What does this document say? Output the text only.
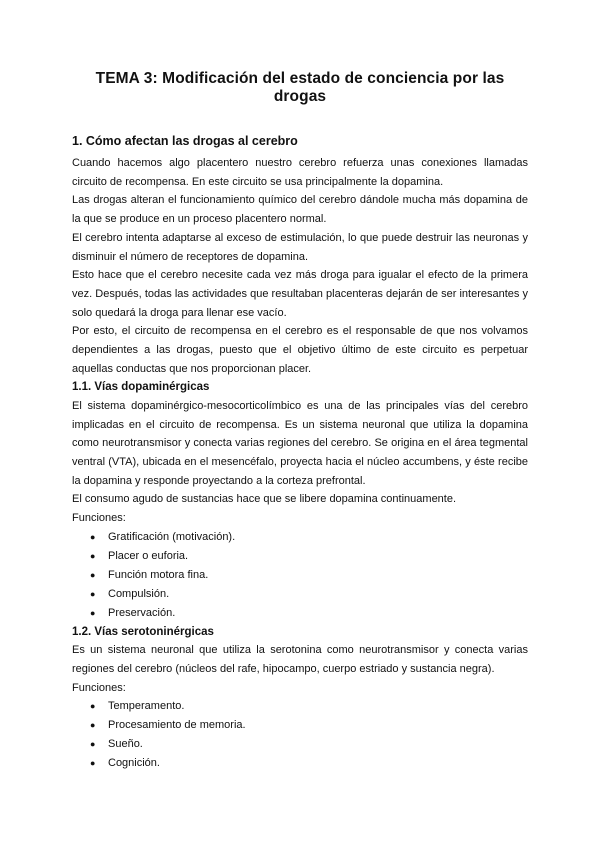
TEMA 3: Modificación del estado de conciencia por las drogas
1. Cómo afectan las drogas al cerebro

Cuando hacemos algo placentero nuestro cerebro refuerza unas conexiones llamadas circuito de recompensa. En este circuito se usa principalmente la dopamina.

Las drogas alteran el funcionamiento químico del cerebro dándole mucha más dopamina de la que se produce en un proceso placentero normal.

El cerebro intenta adaptarse al exceso de estimulación, lo que puede destruir las neuronas y disminuir el número de receptores de dopamina.

Esto hace que el cerebro necesite cada vez más droga para igualar el efecto de la primera vez. Después, todas las actividades que resultaban placenteras dejarán de ser interesantes y solo quedará la droga para llenar ese vacío.

Por esto, el circuito de recompensa en el cerebro es el responsable de que nos volvamos dependientes a las drogas, puesto que el objetivo último de este circuito es perpetuar aquellas conductas que nos proporcionan placer.

1.1. Vías dopaminérgicas

El sistema dopaminérgico-mesocorticolímbico es una de las principales vías del cerebro implicadas en el circuito de recompensa. Es un sistema neuronal que utiliza la dopamina como neurotransmisor y conecta varias regiones del cerebro. Se origina en el área tegmental ventral (VTA), ubicada en el mesencéfalo, proyecta hacia el núcleo accumbens, y éste recibe la dopamina y responde proyectando a la corteza prefrontal.

El consumo agudo de sustancias hace que se libere dopamina continuamente.

Funciones:

● Gratificación (motivación).
● Placer o euforia.
● Función motora fina.
● Compulsión.
● Preservación.
1.2. Vías serotoninérgicas

Es un sistema neuronal que utiliza la serotonina como neurotransmisor y conecta varias regiones del cerebro (núcleos del rafe, hipocampo, cuerpo estriado y sustancia negra).

Funciones:

● Temperamento.
● Procesamiento de memoria.
● Sueño.
● Cognición.
